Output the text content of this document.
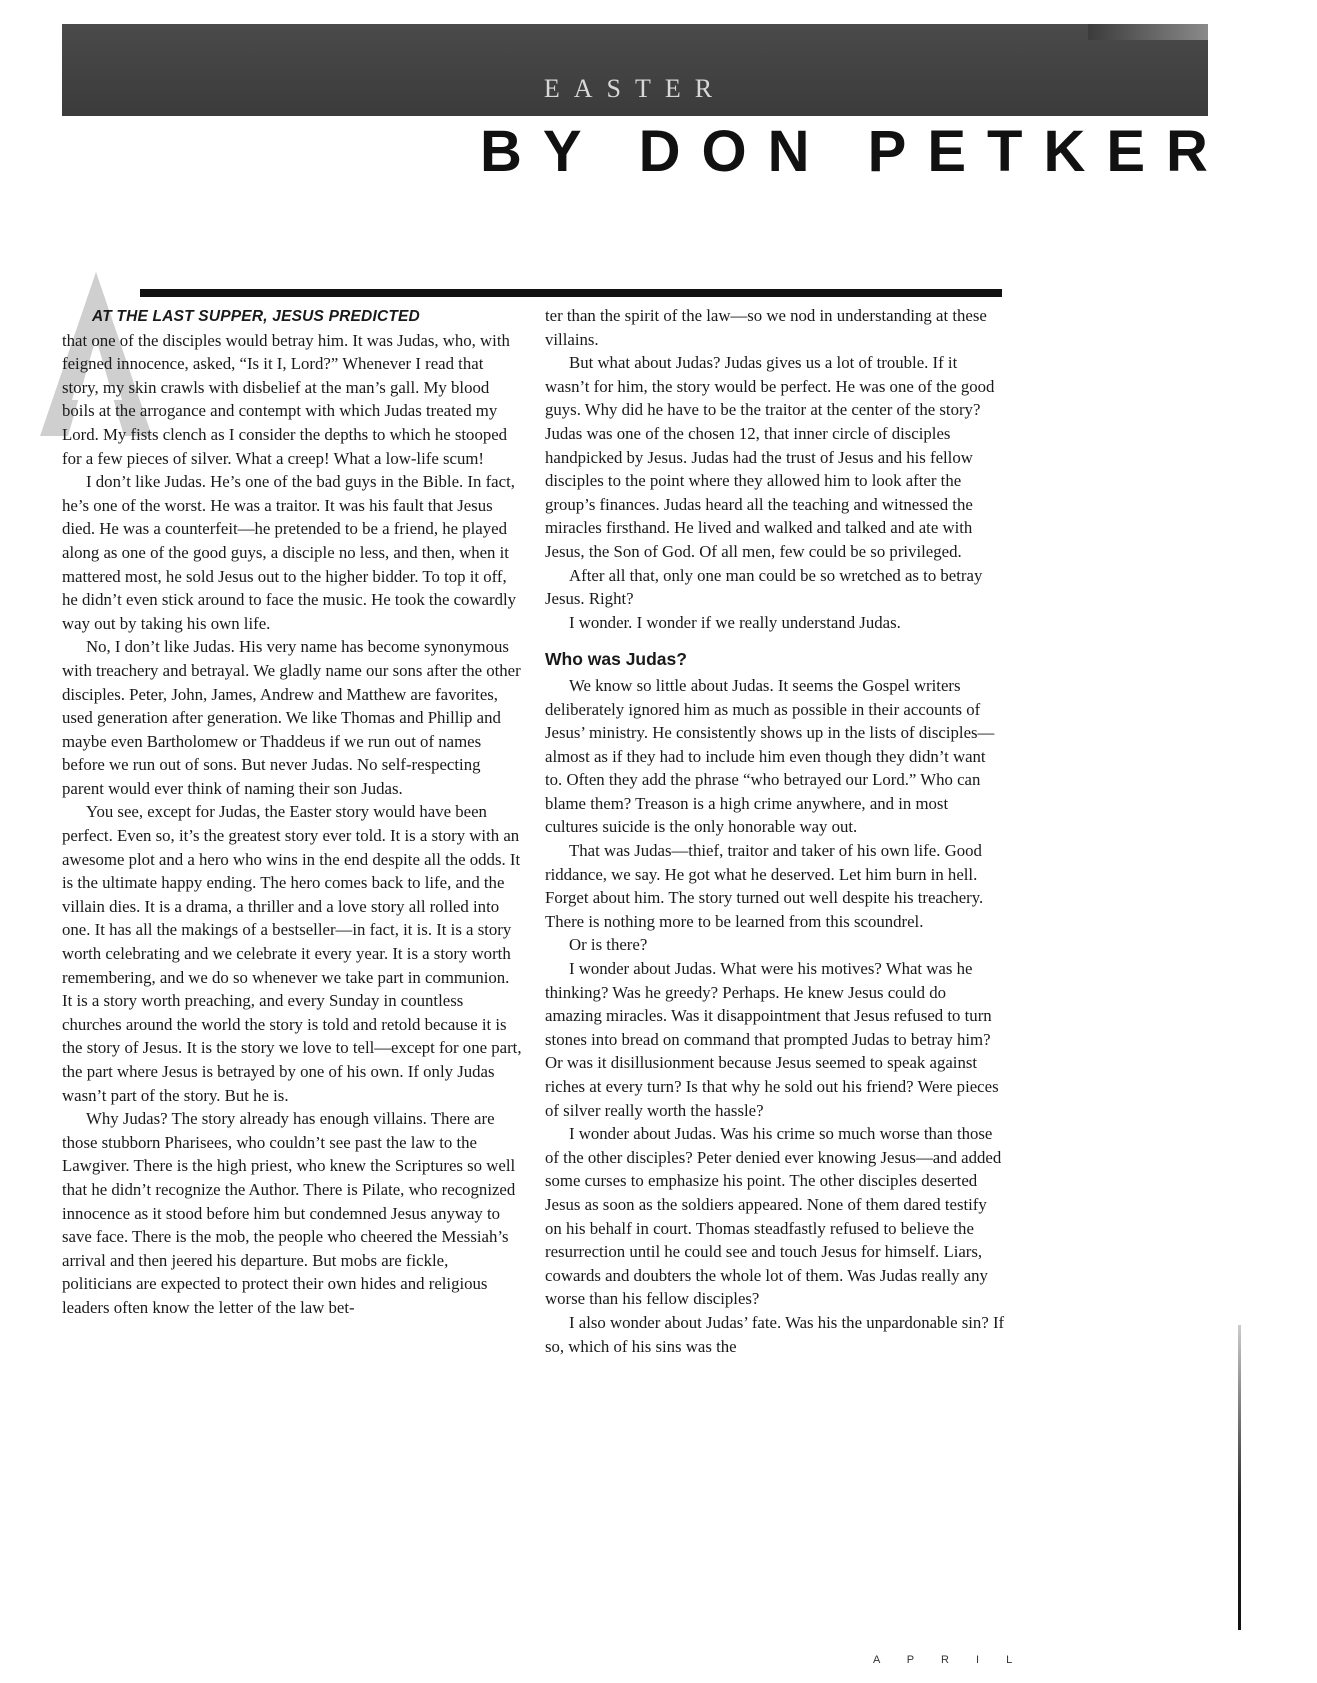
EASTER
BY DON PETKER
AT THE LAST SUPPER, JESUS PREDICTED

that one of the disciples would betray him. It was Judas, who, with feigned innocence, asked, “Is it I, Lord?” Whenever I read that story, my skin crawls with disbelief at the man’s gall. My blood boils at the arrogance and contempt with which Judas treated my Lord. My fists clench as I consider the depths to which he stooped for a few pieces of silver. What a creep! What a low-life scum!

I don’t like Judas. He’s one of the bad guys in the Bible. In fact, he’s one of the worst. He was a traitor. It was his fault that Jesus died. He was a counterfeit—he pretended to be a friend, he played along as one of the good guys, a disciple no less, and then, when it mattered most, he sold Jesus out to the higher bidder. To top it off, he didn’t even stick around to face the music. He took the cowardly way out by taking his own life.

No, I don’t like Judas. His very name has become synonymous with treachery and betrayal. We gladly name our sons after the other disciples. Peter, John, James, Andrew and Matthew are favorites, used generation after generation. We like Thomas and Phillip and maybe even Bartholomew or Thaddeus if we run out of names before we run out of sons. But never Judas. No self-respecting parent would ever think of naming their son Judas.

You see, except for Judas, the Easter story would have been perfect. Even so, it’s the greatest story ever told. It is a story with an awesome plot and a hero who wins in the end despite all the odds. It is the ultimate happy ending. The hero comes back to life, and the villain dies. It is a drama, a thriller and a love story all rolled into one. It has all the makings of a bestseller—in fact, it is. It is a story worth celebrating and we celebrate it every year. It is a story worth remembering, and we do so whenever we take part in communion. It is a story worth preaching, and every Sunday in countless churches around the world the story is told and retold because it is the story of Jesus. It is the story we love to tell—except for one part, the part where Jesus is betrayed by one of his own. If only Judas wasn’t part of the story. But he is.

Why Judas? The story already has enough villains. There are those stubborn Pharisees, who couldn’t see past the law to the Lawgiver. There is the high priest, who knew the Scriptures so well that he didn’t recognize the Author. There is Pilate, who recognized innocence as it stood before him but condemned Jesus anyway to save face. There is the mob, the people who cheered the Messiah’s arrival and then jeered his departure. But mobs are fickle, politicians are expected to protect their own hides and religious leaders often know the letter of the law bet-

ter than the spirit of the law—so we nod in understanding at these villains.

But what about Judas? Judas gives us a lot of trouble. If it wasn’t for him, the story would be perfect. He was one of the good guys. Why did he have to be the traitor at the center of the story? Judas was one of the chosen 12, that inner circle of disciples handpicked by Jesus. Judas had the trust of Jesus and his fellow disciples to the point where they allowed him to look after the group’s finances. Judas heard all the teaching and witnessed the miracles firsthand. He lived and walked and talked and ate with Jesus, the Son of God. Of all men, few could be so privileged.

After all that, only one man could be so wretched as to betray Jesus. Right?

I wonder. I wonder if we really understand Judas.

Who was Judas?

We know so little about Judas. It seems the Gospel writers deliberately ignored him as much as possible in their accounts of Jesus’ ministry. He consistently shows up in the lists of disciples—almost as if they had to include him even though they didn’t want to. Often they add the phrase “who betrayed our Lord.” Who can blame them? Treason is a high crime anywhere, and in most cultures suicide is the only honorable way out.

That was Judas—thief, traitor and taker of his own life. Good riddance, we say. He got what he deserved. Let him burn in hell. Forget about him. The story turned out well despite his treachery. There is nothing more to be learned from this scoundrel.

Or is there?

I wonder about Judas. What were his motives? What was he thinking? Was he greedy? Perhaps. He knew Jesus could do amazing miracles. Was it disappointment that Jesus refused to turn stones into bread on command that prompted Judas to betray him? Or was it disillusionment because Jesus seemed to speak against riches at every turn? Is that why he sold out his friend? Were pieces of silver really worth the hassle?

I wonder about Judas. Was his crime so much worse than those of the other disciples? Peter denied ever knowing Jesus—and added some curses to emphasize his point. The other disciples deserted Jesus as soon as the soldiers appeared. None of them dared testify on his behalf in court. Thomas steadfastly refused to believe the resurrection until he could see and touch Jesus for himself. Liars, cowards and doubters the whole lot of them. Was Judas really any worse than his fellow disciples?

I also wonder about Judas’ fate. Was his the unpardonable sin? If so, which of his sins was the

A P R I L
